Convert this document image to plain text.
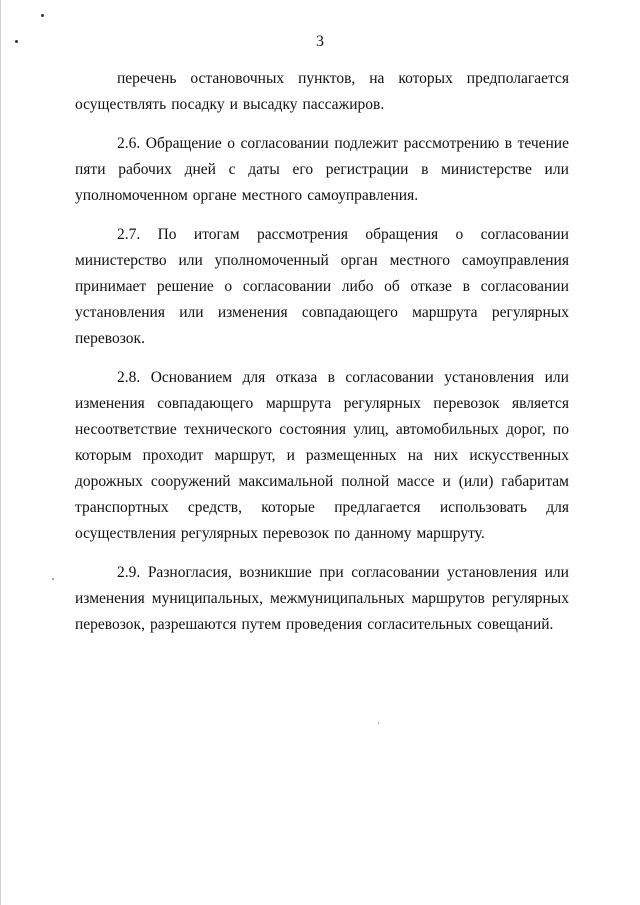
3
перечень остановочных пунктов, на которых предполагается
осуществлять посадку и высадку пассажиров.
2.6. Обращение о согласовании подлежит рассмотрению в течение
пяти рабочих дней с даты его регистрации в министерстве или
уполномоченном органе местного самоуправления.
2.7. По итогам рассмотрения обращения о согласовании
министерство или уполномоченный орган местного самоуправления
принимает решение о согласовании либо об отказе в согласовании
установления или изменения совпадающего маршрута регулярных
перевозок.
2.8. Основанием для отказа в согласовании установления или
изменения совпадающего маршрута регулярных перевозок является
несоответствие технического состояния улиц, автомобильных дорог, по
которым проходит маршрут, и размещенных на них искусственных
дорожных сооружений максимальной полной массе и (или) габаритам
транспортных средств, которые предлагается использовать для
осуществления регулярных перевозок по данному маршруту.
2.9. Разногласия, возникшие при согласовании установления или
изменения муниципальных, межмуниципальных маршрутов регулярных
перевозок, разрешаются путем проведения согласительных совещаний.
